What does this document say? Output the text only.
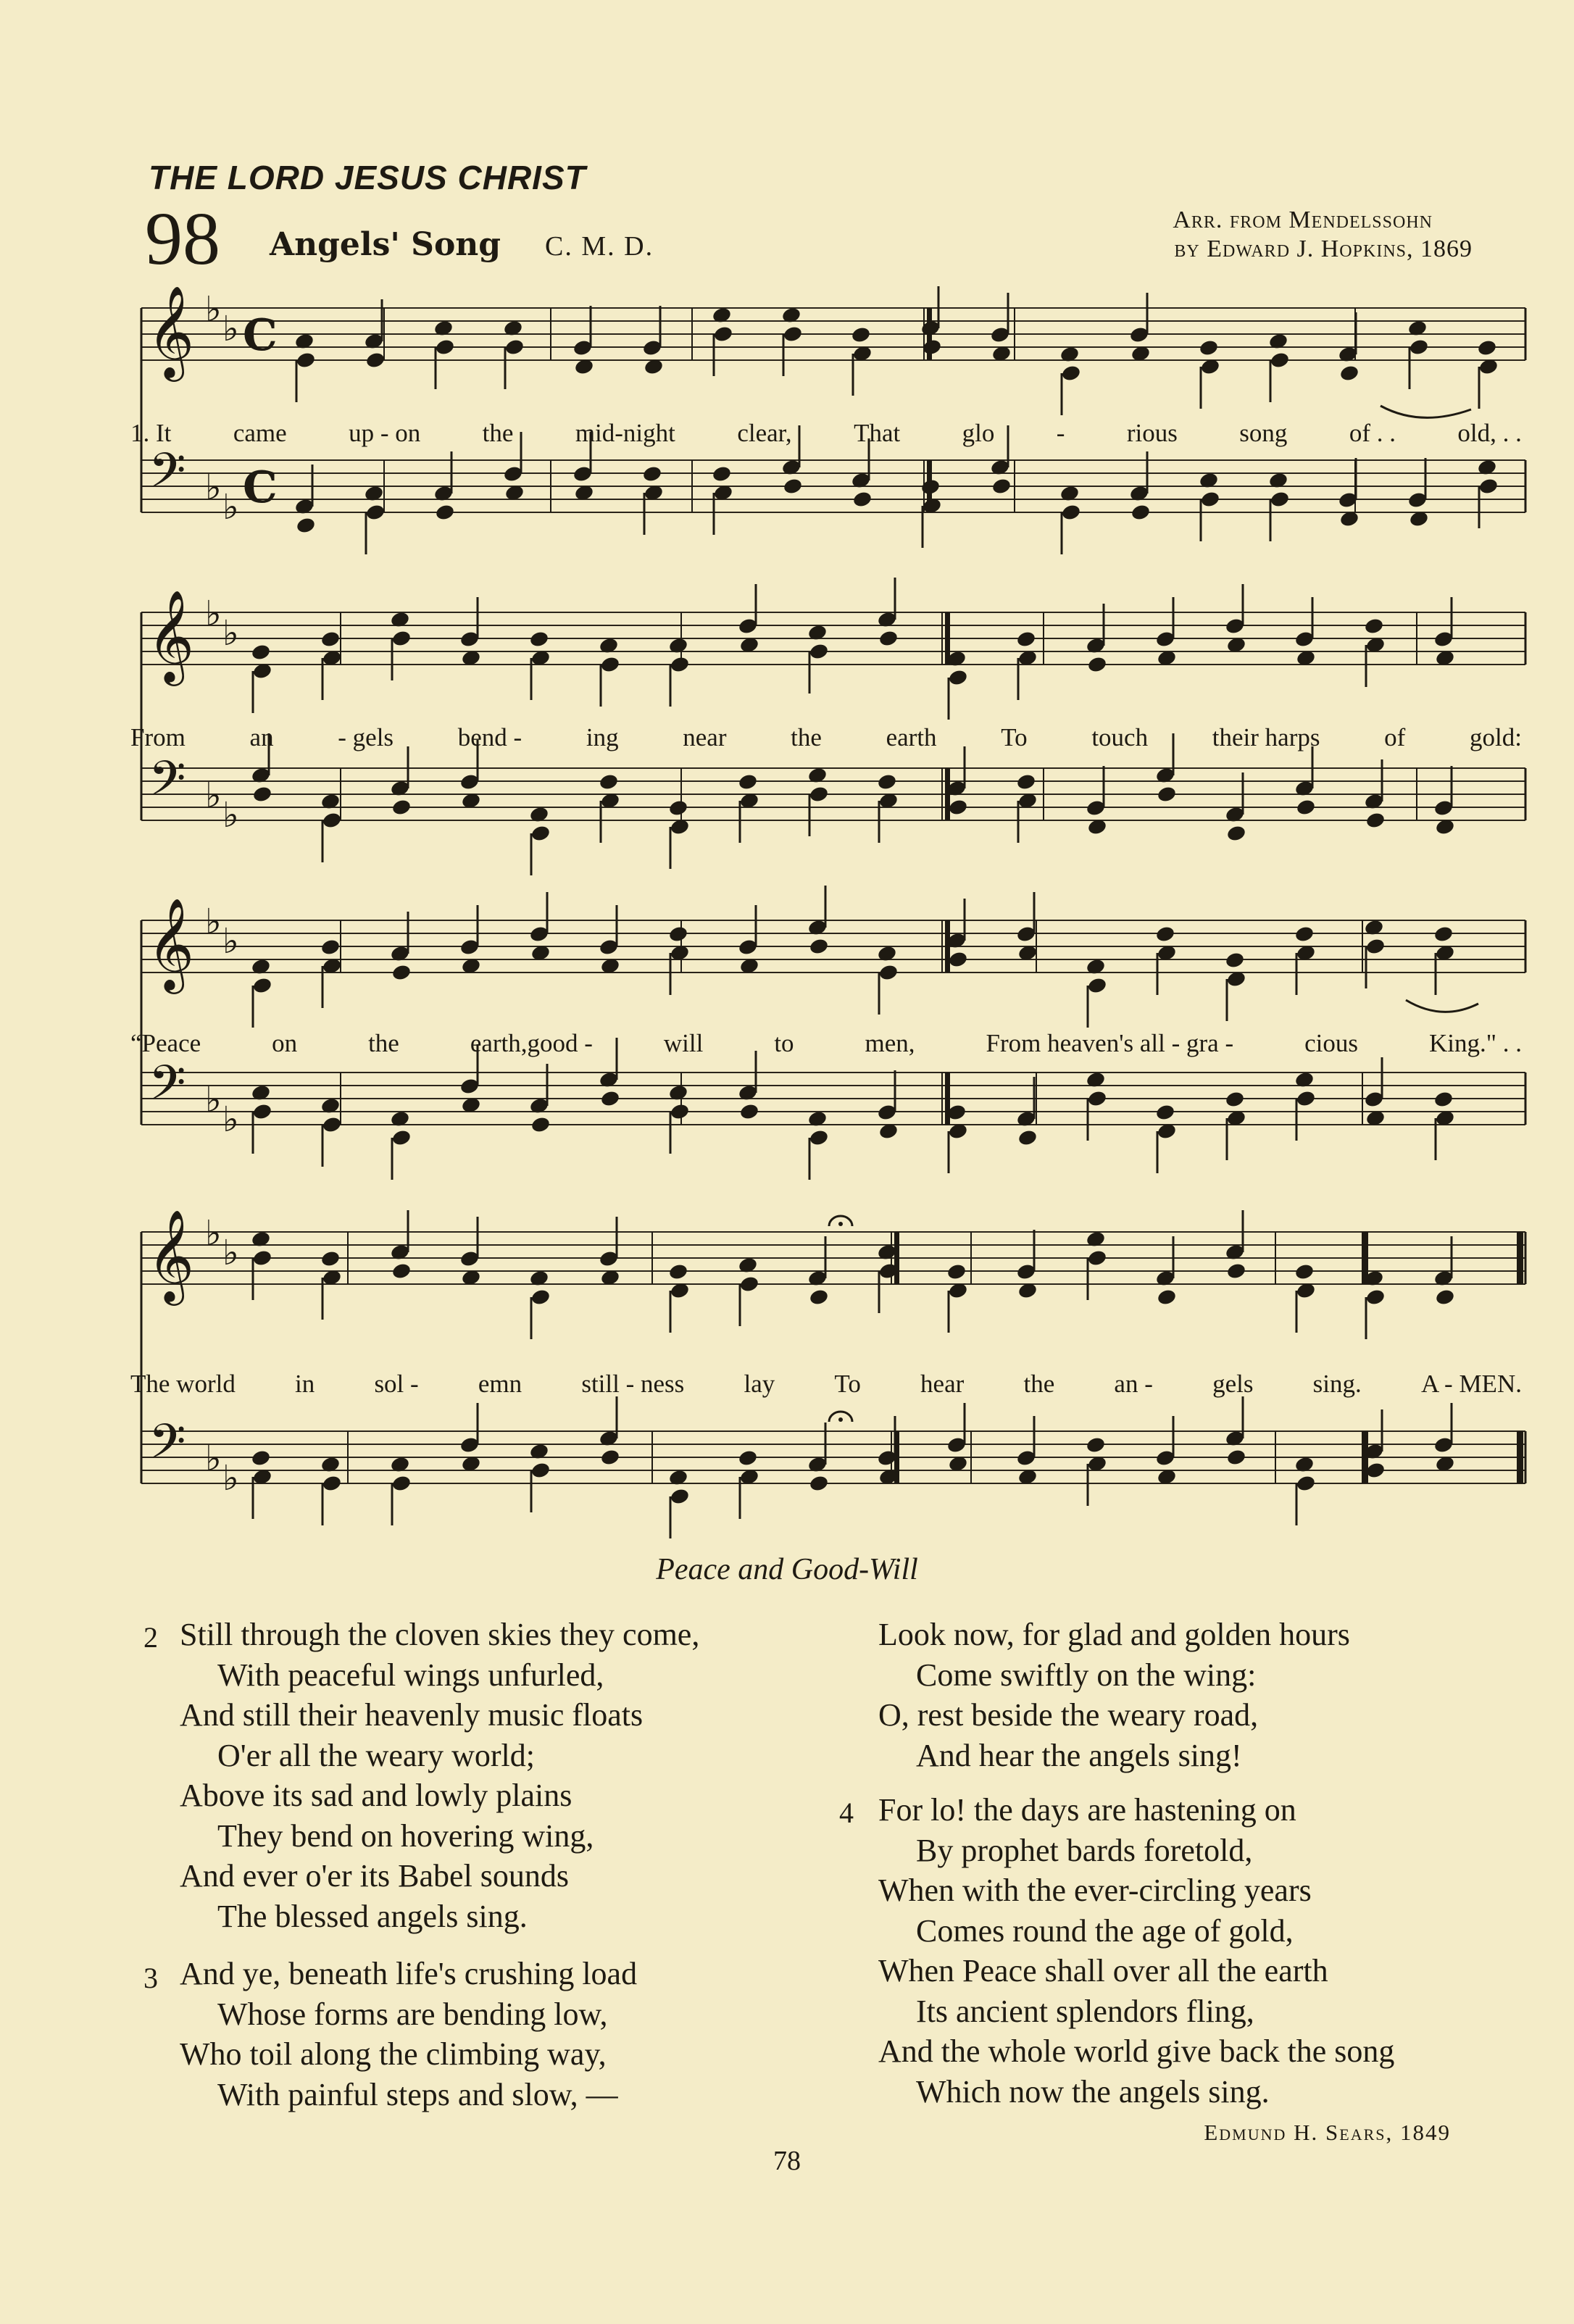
THE LORD JESUS CHRIST
98 Angels' Song C. M. D.
Arr. from Mendelssohn
by Edward J. Hopkins, 1869
𝄞 ♭ ♭ C
𝄢 ♭ ♭ C
𝄞 ♭ ♭
𝄢 ♭ ♭
𝄞 ♭ ♭
𝄢 ♭ ♭
𝄞 ♭ ♭
𝄢 ♭ ♭
1. It came up - on the mid-night clear, That glo - rious song of . . old, . .
From	an	- gels	bend -	ing	near	the	earth	To	touch	their harps	of	gold:
“Peace	on	the	earth,good -	will	to	men,	From heaven's all - gra -	cious	King." . .
The world in sol - emn still - ness lay To hear the an - gels sing. A - MEN.
Peace and Good-Will
2 Still through the cloven skies they come,
With peaceful wings unfurled,
And still their heavenly music floats
O'er all the weary world;
Above its sad and lowly plains
They bend on hovering wing,
And ever o'er its Babel sounds
The blessed angels sing.
3 And ye, beneath life's crushing load
Whose forms are bending low,
Who toil along the climbing way,
With painful steps and slow, —
Look now, for glad and golden hours
Come swiftly on the wing:
O, rest beside the weary road,
And hear the angels sing!
4 For lo! the days are hastening on
By prophet bards foretold,
When with the ever-circling years
Comes round the age of gold,
When Peace shall over all the earth
Its ancient splendors fling,
And the whole world give back the song
Which now the angels sing.
Edmund H. Sears, 1849
78
